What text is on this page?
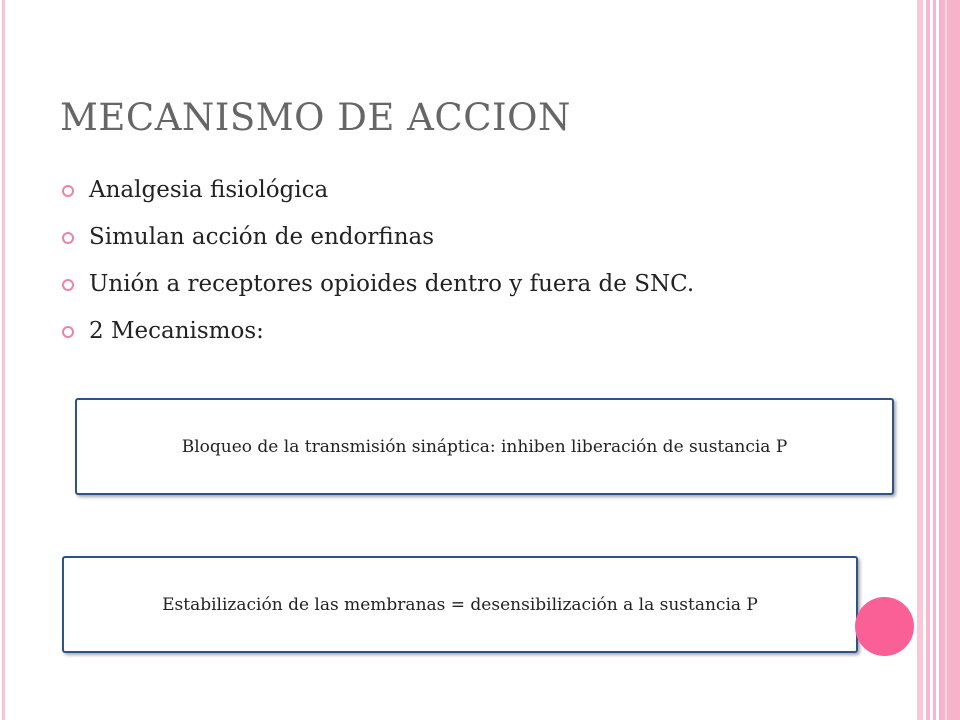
MECANISMO DE ACCION
Analgesia fisiológica
Simulan acción de endorfinas
Unión a receptores opioides dentro y fuera de SNC.
2 Mecanismos:
Bloqueo de la transmisión sináptica: inhiben liberación de sustancia P
Estabilización de las membranas = desensibilización a la sustancia P
